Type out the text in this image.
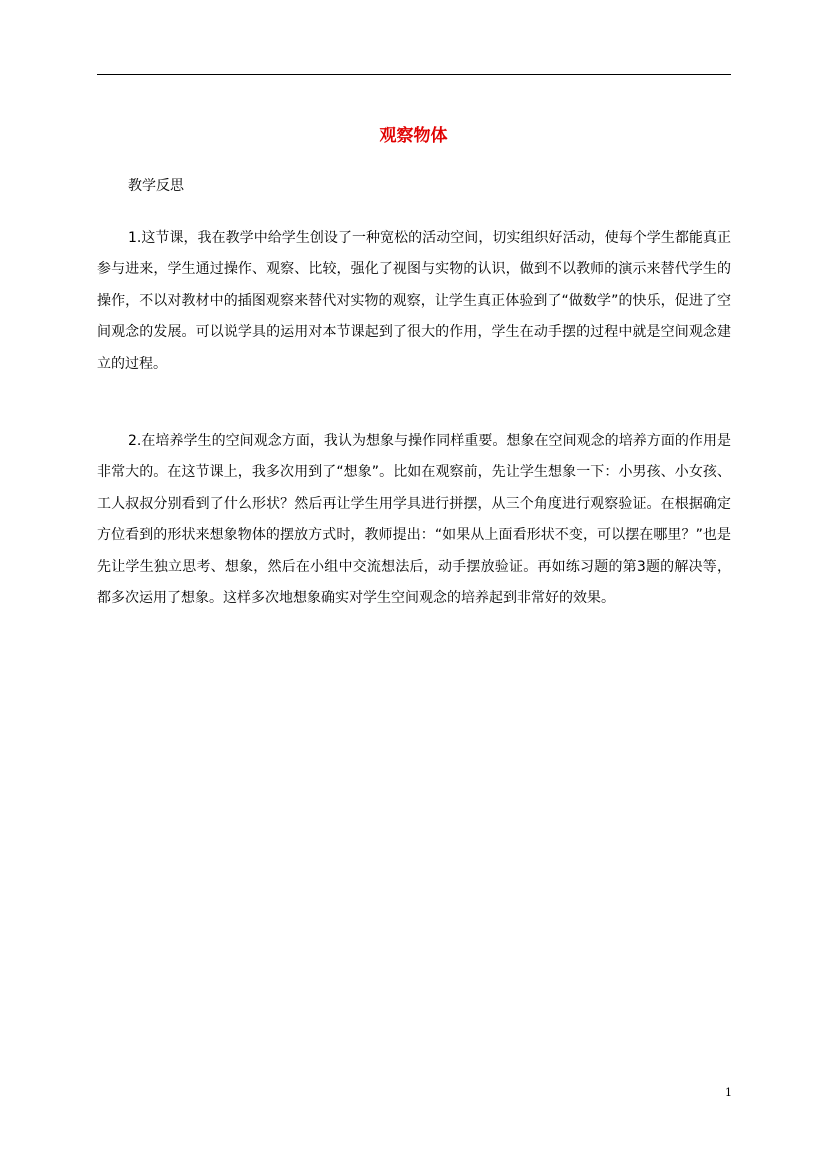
观察物体
教学反思

1.这节课，我在教学中给学生创设了一种宽松的活动空间，切实组织好活动，使每个学生都能真正参与进来，学生通过操作、观察、比较，强化了视图与实物的认识，做到不以教师的演示来替代学生的操作，不以对教材中的插图观察来替代对实物的观察，让学生真正体验到了“做数学”的快乐，促进了空间观念的发展。可以说学具的运用对本节课起到了很大的作用，学生在动手摆的过程中就是空间观念建立的过程。

2.在培养学生的空间观念方面，我认为想象与操作同样重要。想象在空间观念的培养方面的作用是非常大的。在这节课上，我多次用到了“想象”。比如在观察前，先让学生想象一下：小男孩、小女孩、工人叔叔分别看到了什么形状？然后再让学生用学具进行拼摆，从三个角度进行观察验证。在根据确定方位看到的形状来想象物体的摆放方式时，教师提出：“如果从上面看形状不变，可以摆在哪里？”也是先让学生独立思考、想象，然后在小组中交流想法后，动手摆放验证。再如练习题的第3题的解决等，都多次运用了想象。这样多次地想象确实对学生空间观念的培养起到非常好的效果。

1
